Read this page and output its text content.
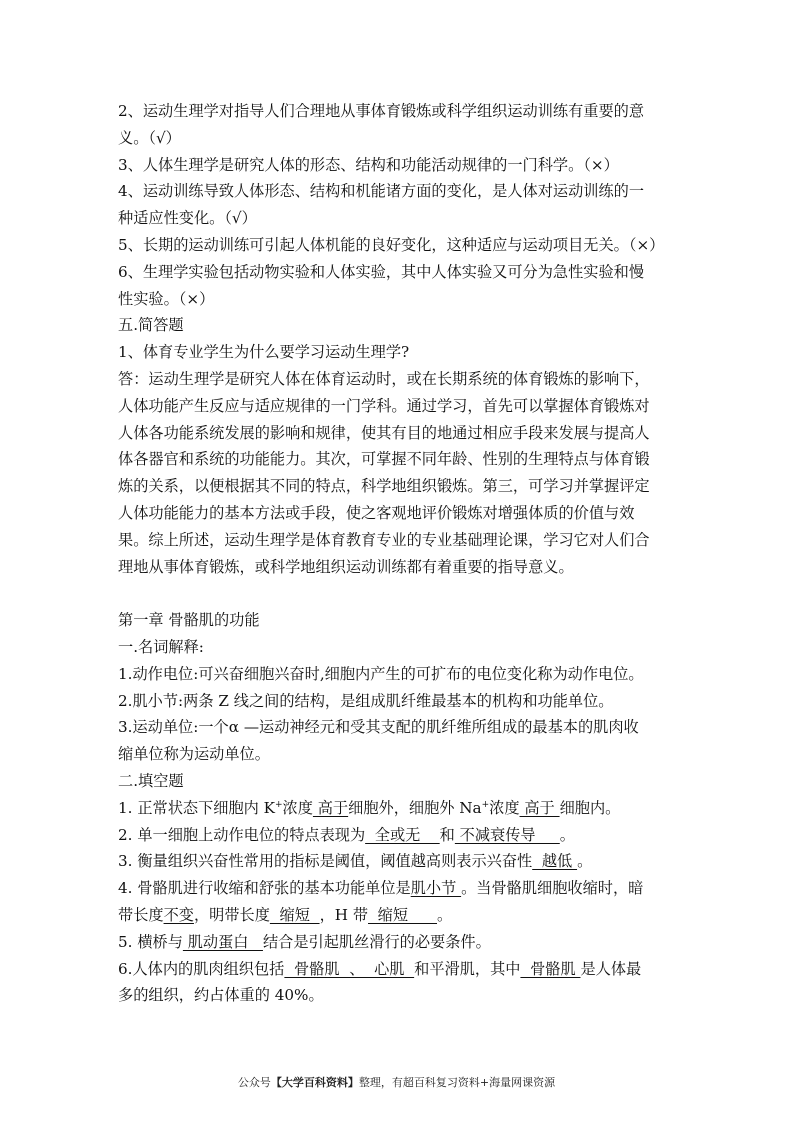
2、运动生理学对指导人们合理地从事体育锻炼或科学组织运动训练有重要的意
义。（√）
3、人体生理学是研究人体的形态、结构和功能活动规律的一门科学。（×）
4、运动训练导致人体形态、结构和机能诸方面的变化，是人体对运动训练的一
种适应性变化。（√）
5、长期的运动训练可引起人体机能的良好变化，这种适应与运动项目无关。（×）
6、生理学实验包括动物实验和人体实验，其中人体实验又可分为急性实验和慢
性实验。（×）
五.简答题
1、体育专业学生为什么要学习运动生理学?
答：运动生理学是研究人体在体育运动时，或在长期系统的体育锻炼的影响下，
人体功能产生反应与适应规律的一门学科。通过学习，首先可以掌握体育锻炼对
人体各功能系统发展的影响和规律，使其有目的地通过相应手段来发展与提高人
体各器官和系统的功能能力。其次，可掌握不同年龄、性别的生理特点与体育锻
炼的关系，以便根据其不同的特点，科学地组织锻炼。第三，可学习并掌握评定
人体功能能力的基本方法或手段，使之客观地评价锻炼对增强体质的价值与效
果。综上所述，运动生理学是体育教育专业的专业基础理论课，学习它对人们合
理地从事体育锻炼，或科学地组织运动训练都有着重要的指导意义。
第一章 骨骼肌的功能
一.名词解释:
1.动作电位:可兴奋细胞兴奋时,细胞内产生的可扩布的电位变化称为动作电位。
2.肌小节:两条 Z 线之间的结构，是组成肌纤维最基本的机构和功能单位。
3.运动单位:一个α —运动神经元和受其支配的肌纤维所组成的最基本的肌肉收
缩单位称为运动单位。
二.填空题
1. 正常状态下细胞内 K+浓度 高于细胞外，细胞外 Na+浓度 高于 细胞内。
2. 单一细胞上动作电位的特点表现为  全或无    和 不减衰传导     。
3. 衡量组织兴奋性常用的指标是阈值，阈值越高则表示兴奋性  越低 。
4. 骨骼肌进行收缩和舒张的基本功能单位是肌小节 。当骨骼肌细胞收缩时，暗
带长度不变，明带长度  缩短  ，H 带  缩短      。
5. 横桥与 肌动蛋白   结合是引起肌丝滑行的必要条件。
6.人体内的肌肉组织包括  骨骼肌  、  心肌  和平滑肌，其中  骨骼肌 是人体最
多的组织，约占体重的 40%。
公众号【大学百科资料】整理，有超百科复习资料+海量网课资源
